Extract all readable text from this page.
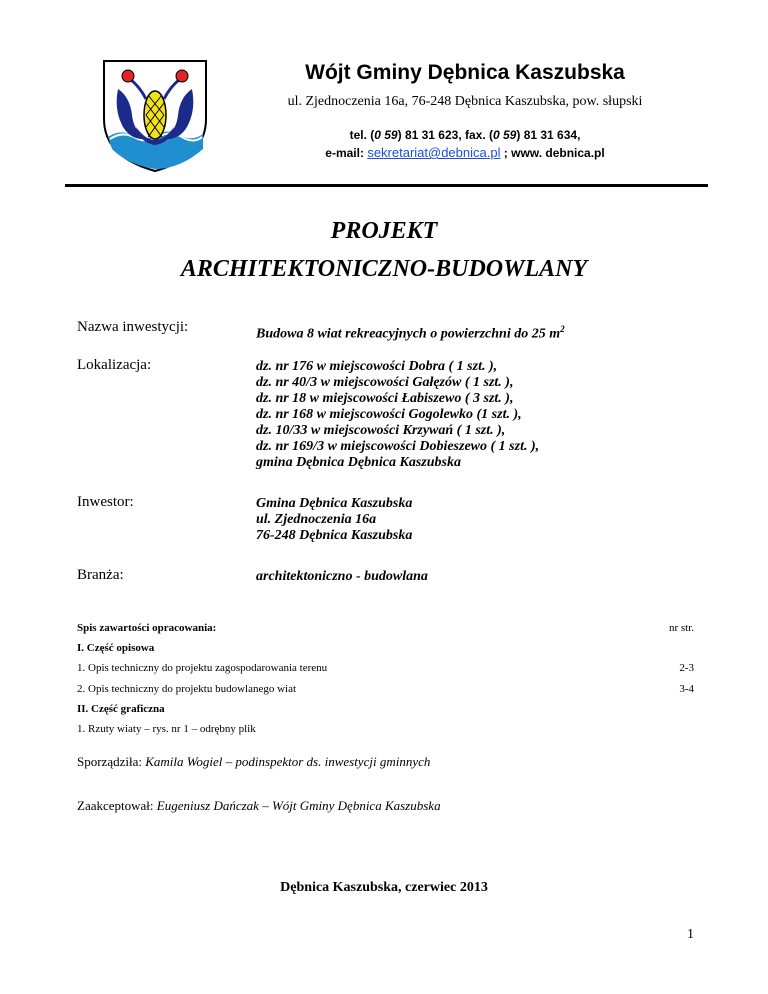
Wójt Gminy Dębnica Kaszubska
ul. Zjednoczenia 16a, 76-248 Dębnica Kaszubska, pow. słupski
tel. (0 59) 81 31 623, fax. (0 59) 81 31 634,
e-mail: sekretariat@debnica.pl ; www. debnica.pl
PROJEKT
ARCHITEKTONICZNO-BUDOWLANY
Nazwa inwestycji:	Budowa 8 wiat rekreacyjnych o powierzchni do 25 $m^2$
Lokalizacja:	dz. nr 176 w miejscowości Dobra ( 1 szt. ),
dz. nr 40/3 w miejscowości Gałęzów ( 1 szt. ),
dz. nr 18 w miejscowości Łabiszewo ( 3 szt. ),
dz. nr 168 w miejscowości Gogolewko (1 szt. ),
dz. 10/33 w miejscowości Krzywań ( 1 szt. ),
dz. nr 169/3 w miejscowości Dobieszewo ( 1 szt. ),
gmina Dębnica Dębnica Kaszubska
Inwestor:	Gmina Dębnica Kaszubska
ul. Zjednoczenia 16a
76-248 Dębnica Kaszubska
Branża:	architektoniczno - budowlana
Spis zawartości opracowania:	nr str.
I. Część opisowa
1. Opis techniczny do projektu zagospodarowania terenu	2-3
2. Opis techniczny do projektu budowlanego wiat	3-4
II. Część graficzna
1. Rzuty wiaty – rys. nr 1 – odrębny plik
Sporządziła: Kamila Wogiel – podinspektor ds. inwestycji gminnych
Zaakceptował: Eugeniusz Dańczak – Wójt Gminy Dębnica Kaszubska
Dębnica Kaszubska, czerwiec 2013
1
